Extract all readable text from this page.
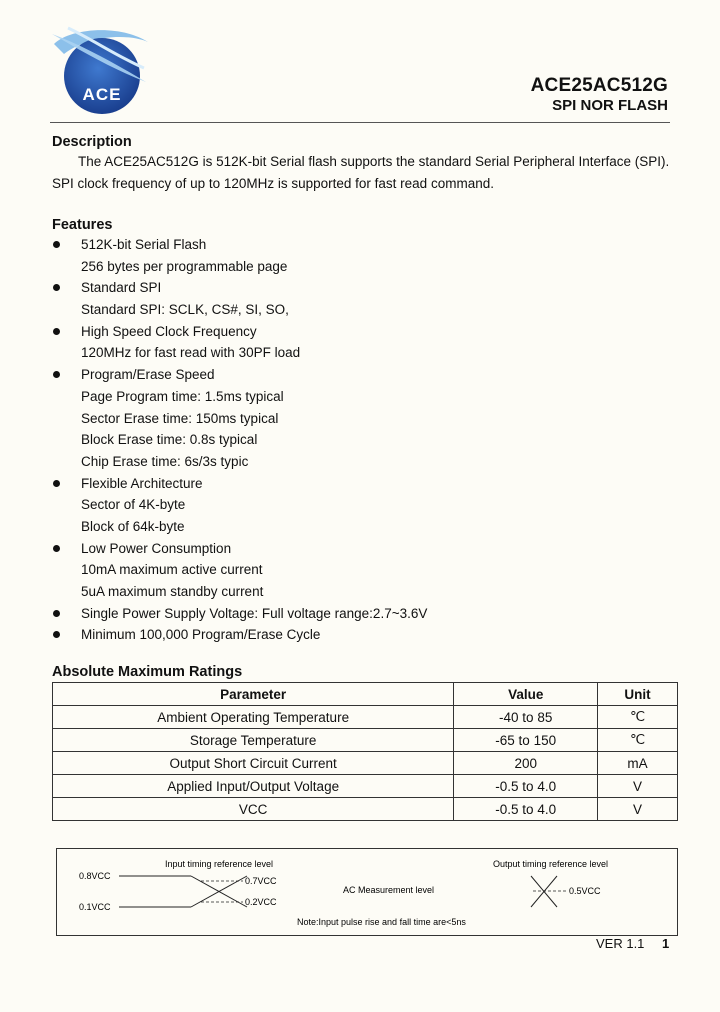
ACE	ACE25AC512G
SPI NOR FLASH
Description

The ACE25AC512G is 512K-bit Serial flash supports the standard Serial Peripheral Interface (SPI).

SPI clock frequency of up to 120MHz is supported for fast read command.

Features
512K-bit Serial Flash
256 bytes per programmable page
Standard SPI
Standard SPI: SCLK, CS#, SI, SO,
High Speed Clock Frequency
120MHz for fast read with 30PF load
Program/Erase Speed
Page Program time: 1.5ms typical
Sector Erase time: 150ms typical
Block Erase time: 0.8s typical
Chip Erase time: 6s/3s typic
Flexible Architecture
Sector of 4K-byte
Block of 64k-byte
Low Power Consumption
10mA maximum active current
5uA maximum standby current
Single Power Supply Voltage: Full voltage range:2.7~3.6V
Minimum 100,000 Program/Erase Cycle
Absolute Maximum Ratings
Parameter	Value	Unit
Ambient Operating Temperature	-40 to 85	℃
Storage Temperature	-65 to 150	℃
Output Short Circuit Current	200	mA
Applied Input/Output Voltage	-0.5 to 4.0	V
VCC	-0.5 to 4.0	V
Input timing reference level	Output timing reference level
0.8VCC
0.1VCC
0.7VCC
0.2VCC
AC Measurement level	0.5VCC
Note:Input pulse rise and fall time are<5ns
VER 1.1 1
